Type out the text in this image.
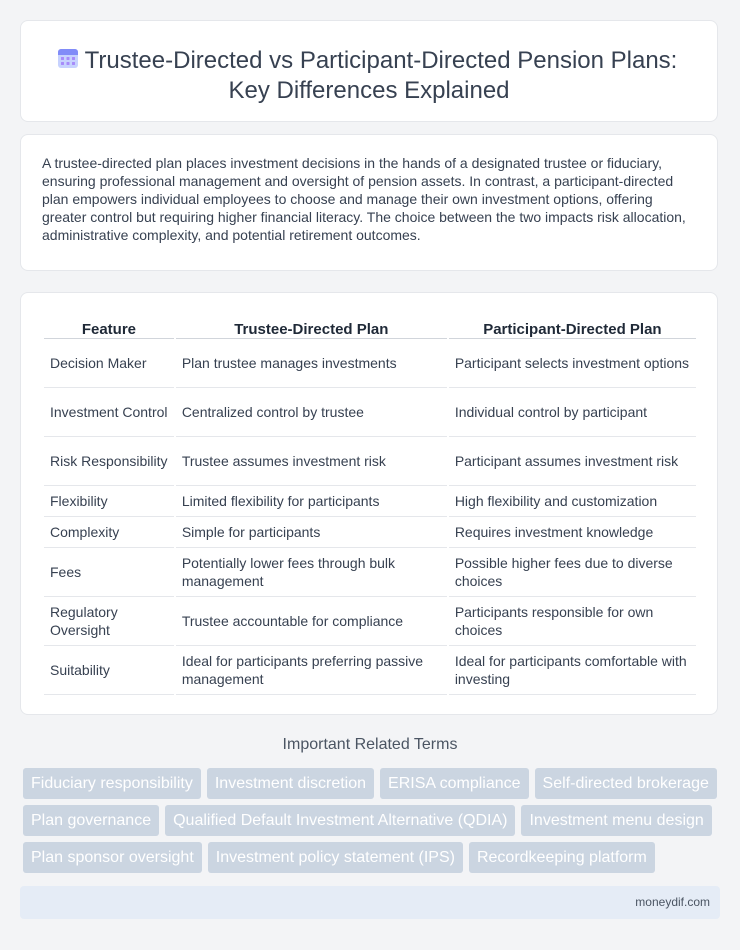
Trustee-Directed vs Participant-Directed Pension Plans:
Key Differences Explained

A trustee-directed plan places investment decisions in the hands of a designated trustee or fiduciary, ensuring professional management and oversight of pension assets. In contrast, a participant-directed plan empowers individual employees to choose and manage their own investment options, offering greater control but requiring higher financial literacy. The choice between the two impacts risk allocation, administrative complexity, and potential retirement outcomes.

Feature	Trustee-Directed Plan	Participant-Directed Plan
Decision Maker	Plan trustee manages investments	Participant selects investment options
Investment Control	Centralized control by trustee	Individual control by participant
Risk Responsibility	Trustee assumes investment risk	Participant assumes investment risk
Flexibility	Limited flexibility for participants	High flexibility and customization
Complexity	Simple for participants	Requires investment knowledge
Fees	Potentially lower fees through bulk management	Possible higher fees due to diverse choices
Regulatory Oversight	Trustee accountable for compliance	Participants responsible for own choices
Suitability	Ideal for participants preferring passive management	Ideal for participants comfortable with investing
Important Related Terms
Fiduciary responsibility	Investment discretion	ERISA compliance	Self-directed brokerage
Plan governance	Qualified Default Investment Alternative (QDIA)	Investment menu design
Plan sponsor oversight	Investment policy statement (IPS)	Recordkeeping platform
moneydif.com
